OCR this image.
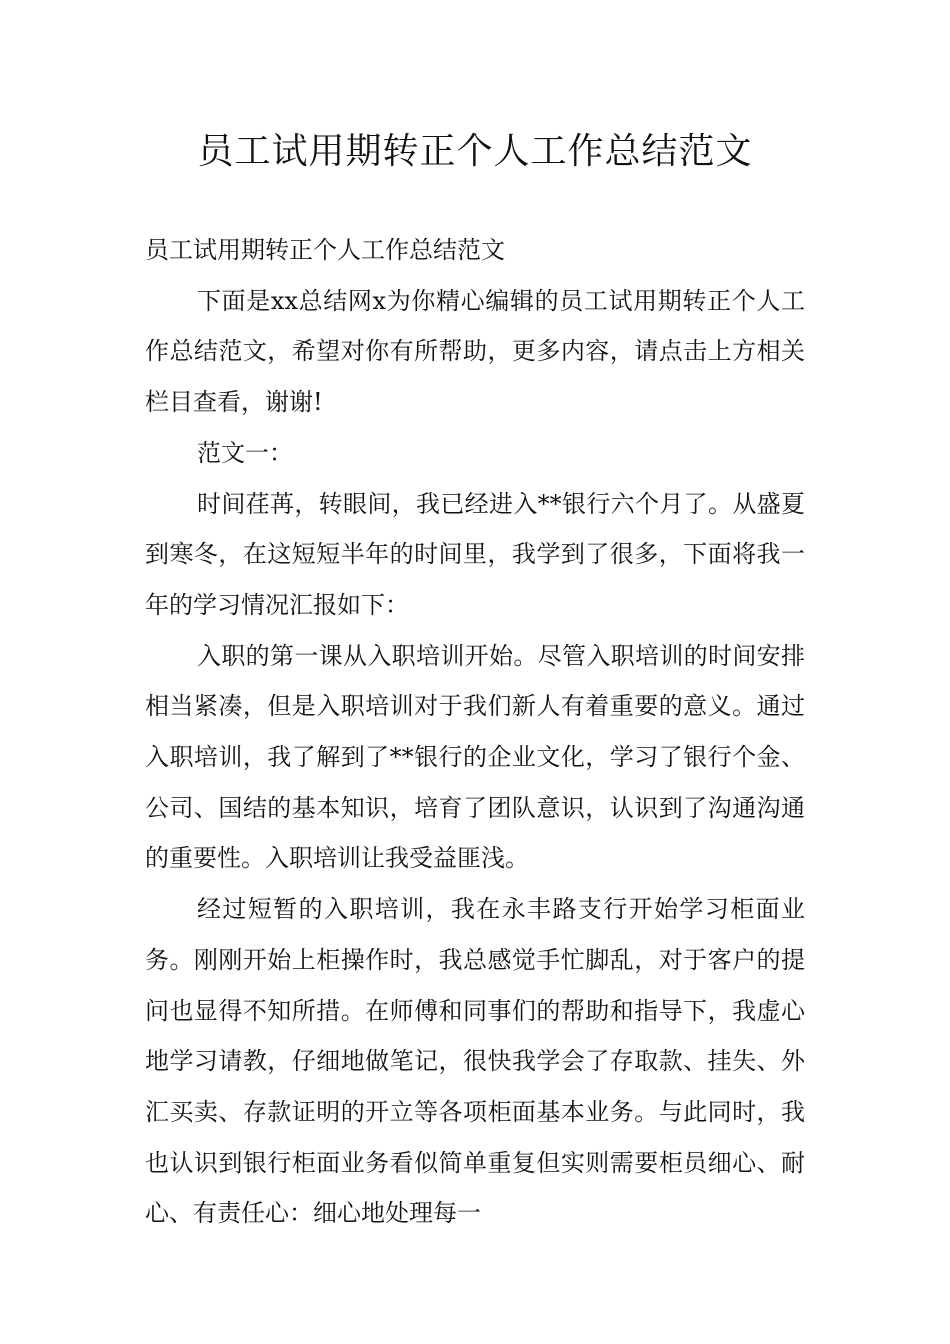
员工试用期转正个人工作总结范文

员工试用期转正个人工作总结范文

下面是xx总结网x为你精心编辑的员工试用期转正个人工作总结范文，希望对你有所帮助，更多内容，请点击上方相关栏目查看，谢谢!

范文一：

时间荏苒，转眼间，我已经进入**银行六个月了。从盛夏到寒冬，在这短短半年的时间里，我学到了很多，下面将我一年的学习情况汇报如下：

入职的第一课从入职培训开始。尽管入职培训的时间安排相当紧凑，但是入职培训对于我们新人有着重要的意义。通过入职培训，我了解到了**银行的企业文化，学习了银行个金、公司、国结的基本知识，培育了团队意识，认识到了沟通沟通的重要性。入职培训让我受益匪浅。

经过短暂的入职培训，我在永丰路支行开始学习柜面业务。刚刚开始上柜操作时，我总感觉手忙脚乱，对于客户的提问也显得不知所措。在师傅和同事们的帮助和指导下，我虚心地学习请教，仔细地做笔记，很快我学会了存取款、挂失、外汇买卖、存款证明的开立等各项柜面基本业务。与此同时，我也认识到银行柜面业务看似简单重复但实则需要柜员细心、耐心、有责任心：细心地处理每一
